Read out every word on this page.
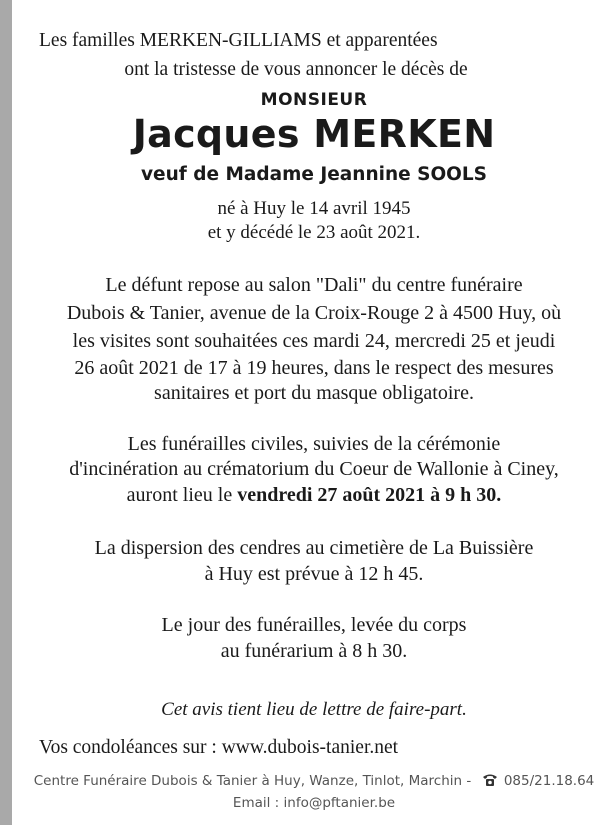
Les familles MERKEN-GILLIAMS et apparentées
ont la tristesse de vous annoncer le décès de
MONSIEUR
Jacques MERKEN
veuf de Madame Jeannine SOOLS
né à Huy le 14 avril 1945
et y décédé le 23 août 2021.
Le défunt repose au salon "Dali" du centre funéraire
Dubois & Tanier, avenue de la Croix-Rouge 2 à 4500 Huy, où
les visites sont souhaitées ces mardi 24, mercredi 25 et jeudi
26 août 2021 de 17 à 19 heures, dans le respect des mesures
sanitaires et port du masque obligatoire.
Les funérailles civiles, suivies de la cérémonie
d'incinération au crématorium du Coeur de Wallonie à Ciney,
auront lieu le vendredi 27 août 2021 à 9 h 30.
La dispersion des cendres au cimetière de La Buissière
à Huy est prévue à 12 h 45.
Le jour des funérailles, levée du corps
au funérarium à 8 h 30.
Cet avis tient lieu de lettre de faire-part.
Vos condoléances sur : www.dubois-tanier.net
Centre Funéraire Dubois & Tanier à Huy, Wanze, Tinlot, Marchin - 085/21.18.64
Email : info@pftanier.be
